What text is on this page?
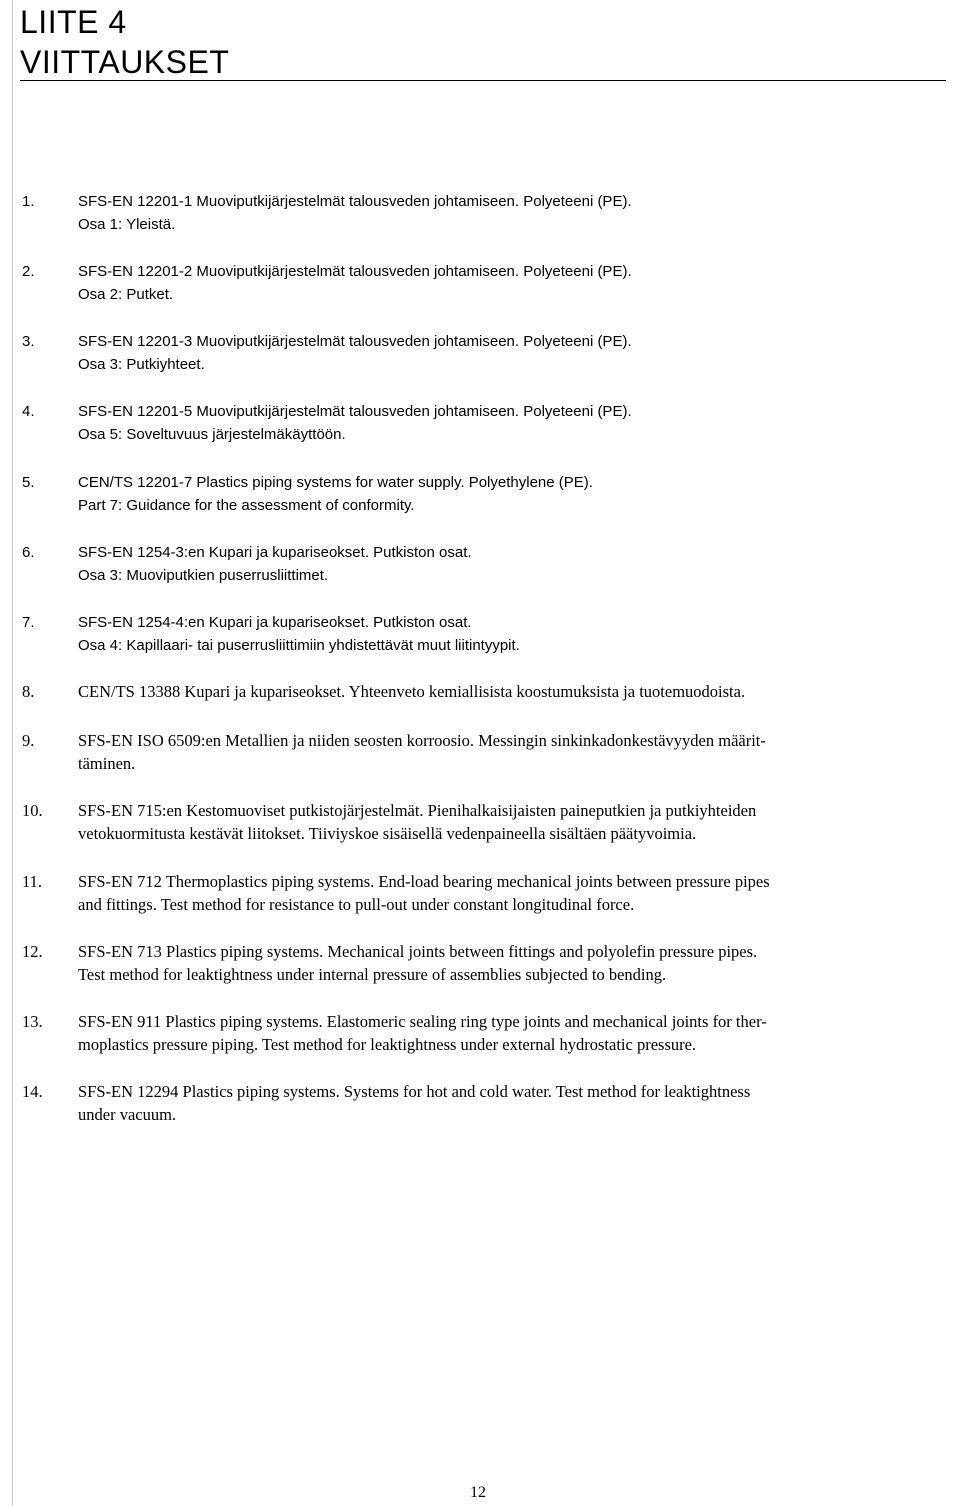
LIITE 4

VIITTAUKSET

1.	SFS-EN 12201-1 Muoviputkijärjestelmät talousveden johtamiseen. Polyeteeni (PE).
Osa 1: Yleistä.
2.	SFS-EN 12201-2 Muoviputkijärjestelmät talousveden johtamiseen. Polyeteeni (PE).
Osa 2: Putket.
3.	SFS-EN 12201-3 Muoviputkijärjestelmät talousveden johtamiseen. Polyeteeni (PE).
Osa 3: Putkiyhteet.
4.	SFS-EN 12201-5 Muoviputkijärjestelmät talousveden johtamiseen. Polyeteeni (PE).
Osa 5: Soveltuvuus järjestelmäkäyttöön.
5.	CEN/TS 12201-7 Plastics piping systems for water supply. Polyethylene (PE).
Part 7: Guidance for the assessment of conformity.
6.	SFS-EN 1254-3:en Kupari ja kupariseokset. Putkiston osat.
Osa 3: Muoviputkien puserrusliittimet.
7.	SFS-EN 1254-4:en Kupari ja kupariseokset. Putkiston osat.
Osa 4: Kapillaari- tai puserrusliittimiin yhdistettävät muut liitintyypit.
8.	CEN/TS 13388 Kupari ja kupariseokset. Yhteenveto kemiallisista koostumuksista ja tuotemuodoista.
9.	SFS-EN ISO 6509:en Metallien ja niiden seosten korroosio. Messingin sinkinkadonkestävyyden määrit-
täminen.
10. SFS-EN 715:en Kestomuoviset putkistojärjestelmät. Pienihalkaisijaisten paineputkien ja putkiyhteiden
vetokuormitusta kestävät liitokset. Tiiviyskoe sisäisellä vedenpaineella sisältäen päätyvoimia.
11. SFS-EN 712 Thermoplastics piping systems. End-load bearing mechanical joints between pressure pipes
and fittings. Test method for resistance to pull-out under constant longitudinal force.
12. SFS-EN 713 Plastics piping systems. Mechanical joints between fittings and polyolefin pressure pipes.
Test method for leaktightness under internal pressure of assemblies subjected to bending.
13. SFS-EN 911 Plastics piping systems. Elastomeric sealing ring type joints and mechanical joints for ther-
moplastics pressure piping. Test method for leaktightness under external hydrostatic pressure.
14. SFS-EN 12294 Plastics piping systems. Systems for hot and cold water. Test method for leaktightness
under vacuum.
12
